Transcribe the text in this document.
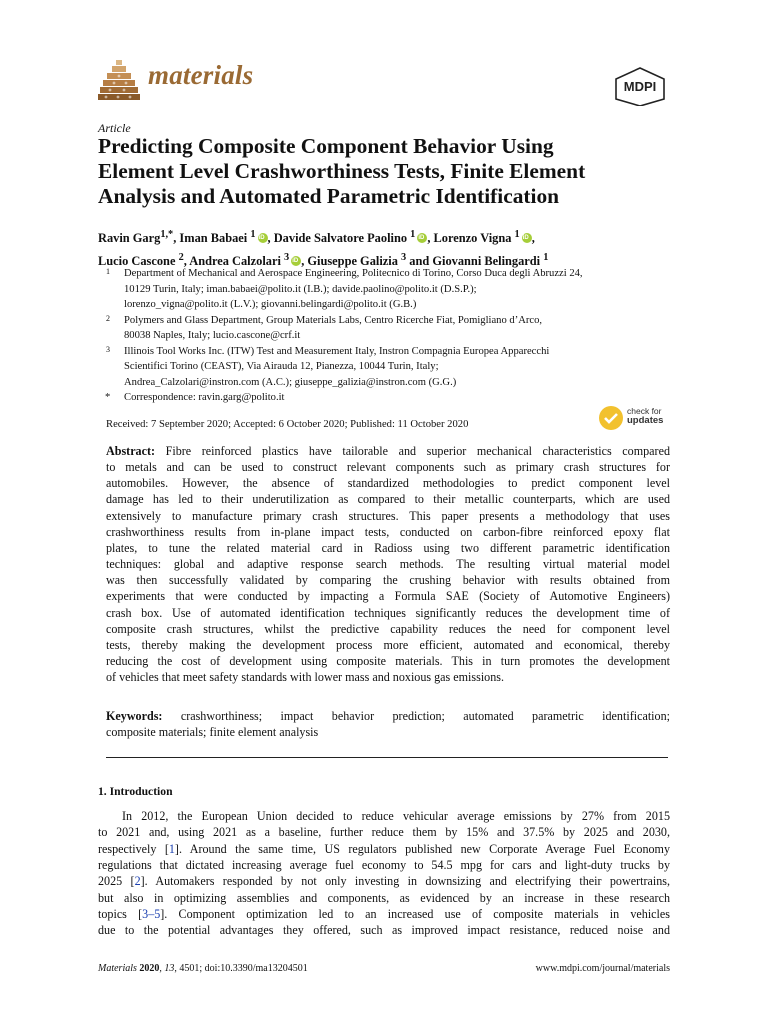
materials	MDPI
Article
Predicting Composite Component Behavior Using
Element Level Crashworthiness Tests, Finite Element
Analysis and Automated Parametric Identification
Ravin Garg$^{1,*}$, Iman Babaei $^1$ iD , Davide Salvatore Paolino $^1$ iD , Lorenzo Vigna $^1$ iD ,
Lucio Cascone $^2$, Andrea Calzolari $^3$ iD , Giuseppe Galizia $^3$ and Giovanni Belingardi $^1$
1 Department of Mechanical and Aerospace Engineering, Politecnico di Torino, Corso Duca degli Abruzzi 24,
10129 Turin, Italy; iman.babaei@polito.it (I.B.); davide.paolino@polito.it (D.S.P.);
lorenzo_vigna@polito.it (L.V.); giovanni.belingardi@polito.it (G.B.)
2 Polymers and Glass Department, Group Materials Labs, Centro Ricerche Fiat, Pomigliano d’Arco,
80038 Naples, Italy; lucio.cascone@crf.it
3 Illinois Tool Works Inc. (ITW) Test and Measurement Italy, Instron Compagnia Europea Apparecchi
Scientifici Torino (CEAST), Via Airauda 12, Pianezza, 10044 Turin, Italy;
Andrea_Calzolari@instron.com (A.C.); giuseppe_galizia@instron.com (G.G.)
* Correspondence: ravin.garg@polito.it
Received: 7 September 2020; Accepted: 6 October 2020; Published: 11 October 2020
check for
updates
Abstract: Fibre reinforced plastics have tailorable and superior mechanical characteristics compared
to metals and can be used to construct relevant components such as primary crash structures for
automobiles. However, the absence of standardized methodologies to predict component level
damage has led to their underutilization as compared to their metallic counterparts, which are used
extensively to manufacture primary crash structures. This paper presents a methodology that uses
crashworthiness results from in-plane impact tests, conducted on carbon-fibre reinforced epoxy flat
plates, to tune the related material card in Radioss using two different parametric identification
techniques: global and adaptive response search methods. The resulting virtual material model
was then successfully validated by comparing the crushing behavior with results obtained from
experiments that were conducted by impacting a Formula SAE (Society of Automotive Engineers)
crash box. Use of automated identification techniques significantly reduces the development time of
composite crash structures, whilst the predictive capability reduces the need for component level
tests, thereby making the development process more efficient, automated and economical, thereby
reducing the cost of development using composite materials. This in turn promotes the development
of vehicles that meet safety standards with lower mass and noxious gas emissions.
Keywords: crashworthiness; impact behavior prediction; automated parametric identification;
composite materials; finite element analysis
1. Introduction
In 2012, the European Union decided to reduce vehicular average emissions by 27% from 2015
to 2021 and, using 2021 as a baseline, further reduce them by 15% and 37.5% by 2025 and 2030,
respectively [1]. Around the same time, US regulators published new Corporate Average Fuel Economy
regulations that dictated increasing average fuel economy to 54.5 mpg for cars and light-duty trucks by
2025 [2]. Automakers responded by not only investing in downsizing and electrifying their powertrains,
but also in optimizing assemblies and components, as evidenced by an increase in these research
topics [3–5]. Component optimization led to an increased use of composite materials in vehicles
due to the potential advantages they offered, such as improved impact resistance, reduced noise and
Materials 2020, 13, 4501; doi:10.3390/ma13204501	www.mdpi.com/journal/materials
